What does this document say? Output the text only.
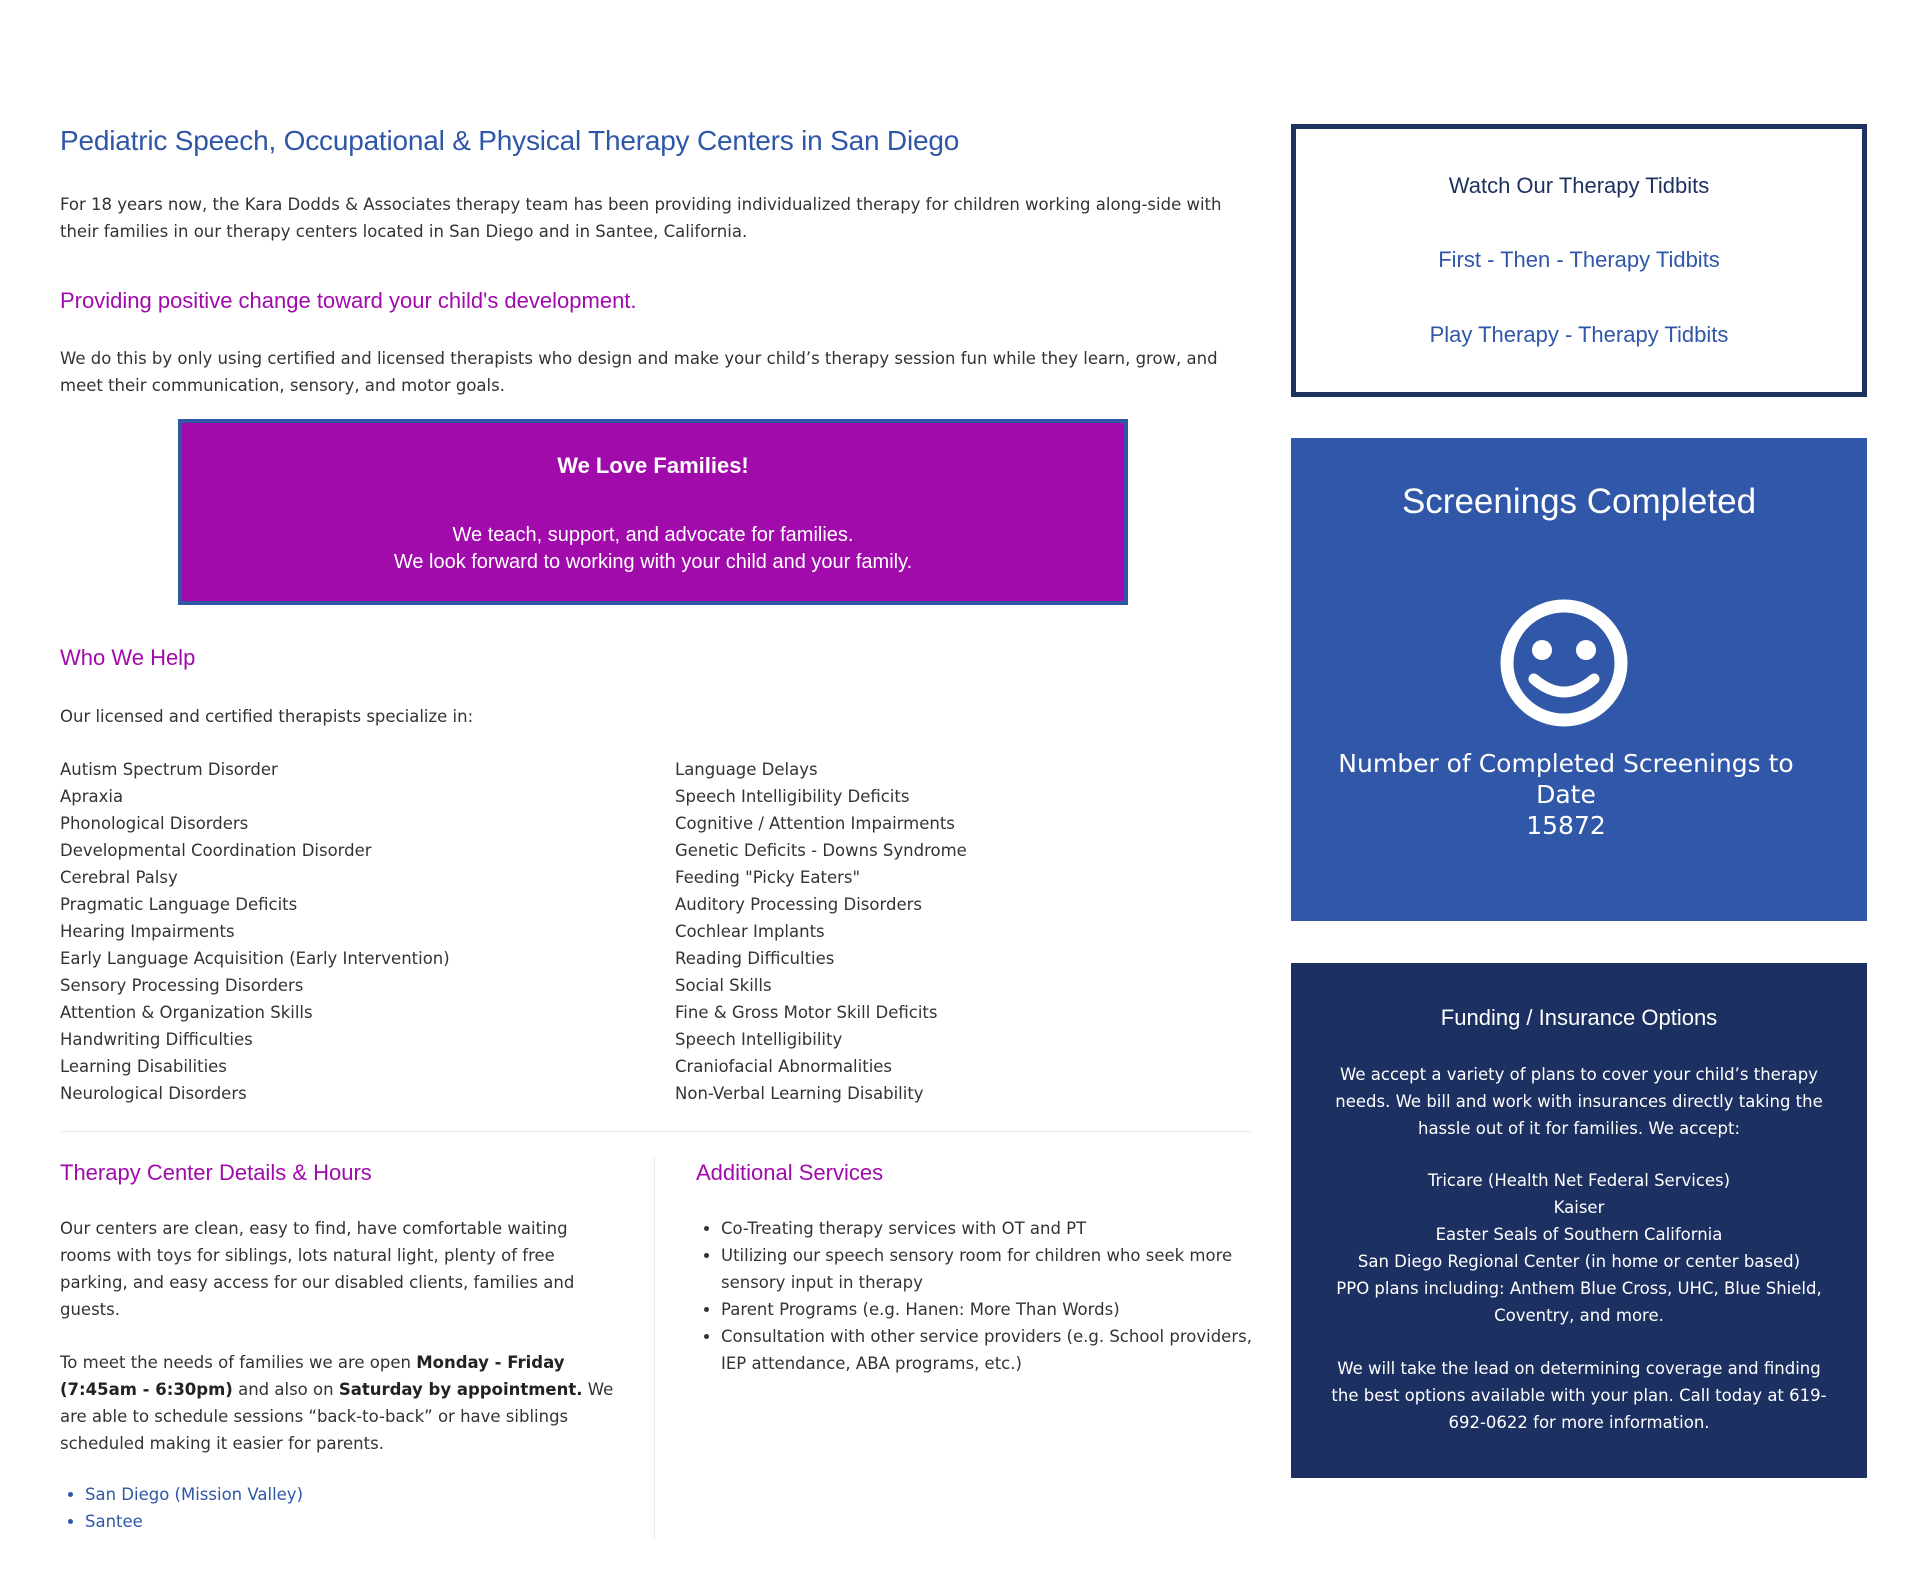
Pediatric Speech, Occupational & Physical Therapy Centers in San Diego

For 18 years now, the Kara Dodds & Associates therapy team has been providing individualized therapy for children working along-side with their families in our therapy centers located in San Diego and in Santee, California.

Providing positive change toward your child's development.

We do this by only using certified and licensed therapists who design and make your child’s therapy session fun while they learn, grow, and meet their communication, sensory, and motor goals.

We Love Families!
We teach, support, and advocate for families.
We look forward to working with your child and your family.
Who We Help

Our licensed and certified therapists specialize in:

Autism Spectrum Disorder
Apraxia
Phonological Disorders
Developmental Coordination Disorder
Cerebral Palsy
Pragmatic Language Deficits
Hearing Impairments
Early Language Acquisition (Early Intervention)
Sensory Processing Disorders
Attention & Organization Skills
Handwriting Difficulties
Learning Disabilities
Neurological Disorders
Language Delays
Speech Intelligibility Deficits
Cognitive / Attention Impairments
Genetic Deficits - Downs Syndrome
Feeding "Picky Eaters"
Auditory Processing Disorders
Cochlear Implants
Reading Difficulties
Social Skills
Fine & Gross Motor Skill Deficits
Speech Intelligibility
Craniofacial Abnormalities
Non-Verbal Learning Disability
Therapy Center Details & Hours

Our centers are clean, easy to find, have comfortable waiting rooms with toys for siblings, lots natural light, plenty of free parking, and easy access for our disabled clients, families and guests.

To meet the needs of families we are open Monday - Friday (7:45am - 6:30pm) and also on Saturday by appointment. We are able to schedule sessions “back-to-back” or have siblings scheduled making it easier for parents.

• San Diego (Mission Valley)
• Santee
Additional Services
• Co-Treating therapy services with OT and PT
• Utilizing our speech sensory room for children who seek more sensory input in therapy
• Parent Programs (e.g. Hanen: More Than Words)
• Consultation with other service providers (e.g. School providers, IEP attendance, ABA programs, etc.)
Watch Our Therapy Tidbits
First - Then - Therapy Tidbits
Play Therapy - Therapy Tidbits
Screenings Completed
Number of Completed Screenings to Date
15872
Funding / Insurance Options

We accept a variety of plans to cover your child’s therapy needs. We bill and work with insurances directly taking the hassle out of it for families. We accept:

Tricare (Health Net Federal Services)
Kaiser
Easter Seals of Southern California
San Diego Regional Center (in home or center based)
PPO plans including: Anthem Blue Cross, UHC, Blue Shield, Coventry, and more.

We will take the lead on determining coverage and finding the best options available with your plan. Call today at 619-692-0622 for more information.
